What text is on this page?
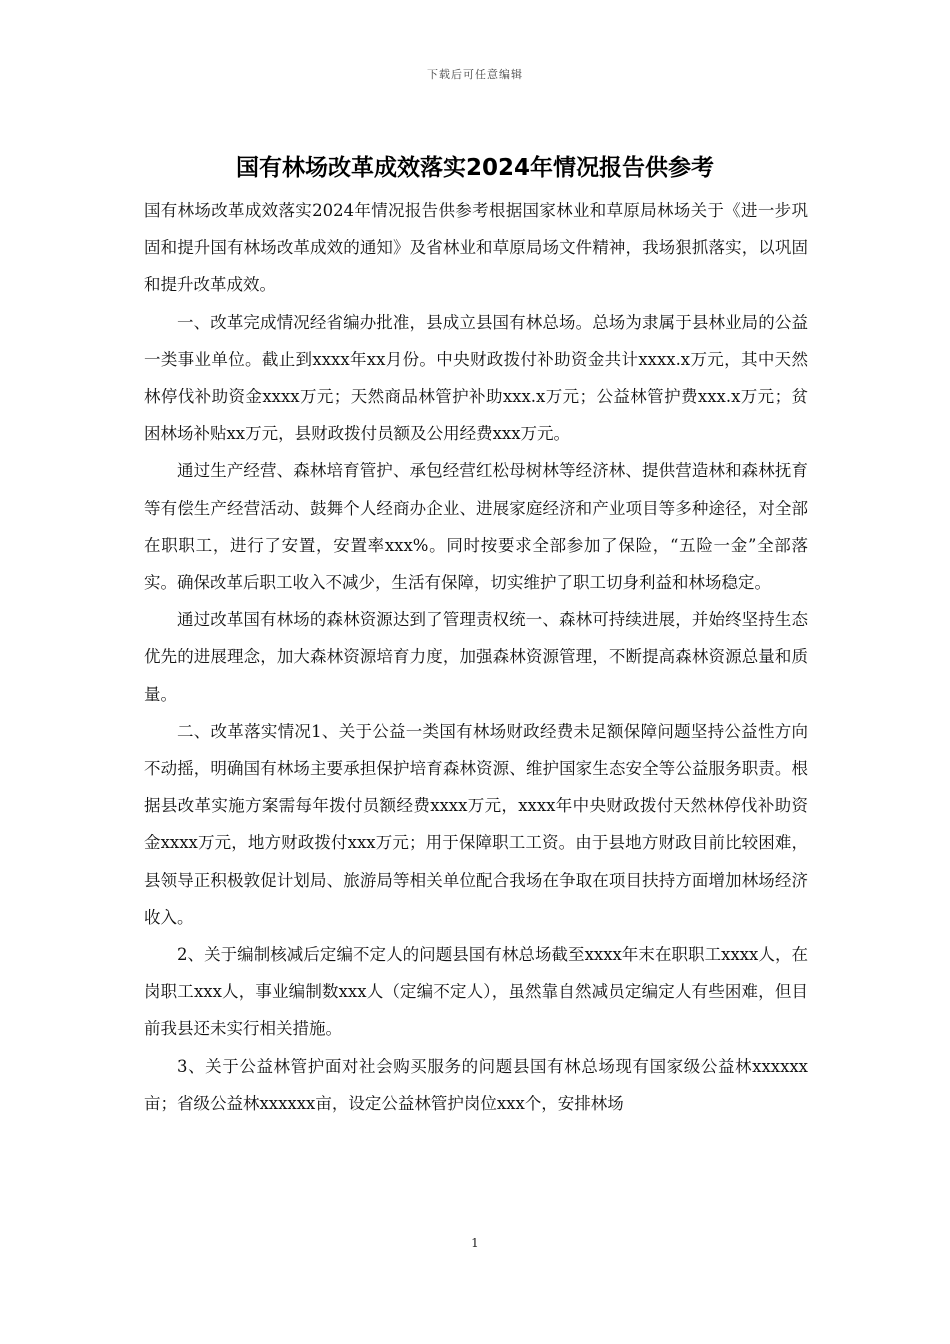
下载后可任意编辑
国有林场改革成效落实2024年情况报告供参考

国有林场改革成效落实2024年情况报告供参考根据国家林业和草原局林场关于《进一步巩固和提升国有林场改革成效的通知》及省林业和草原局场文件精神，我场狠抓落实，以巩固和提升改革成效。

一、改革完成情况经省编办批准，县成立县国有林总场。总场为隶属于县林业局的公益一类事业单位。截止到xxxx年xx月份。中央财政拨付补助资金共计xxxx.x万元，其中天然林停伐补助资金xxxx万元；天然商品林管护补助xxx.x万元；公益林管护费xxx.x万元；贫困林场补贴xx万元，县财政拨付员额及公用经费xxx万元。

通过生产经营、森林培育管护、承包经营红松母树林等经济林、提供营造林和森林抚育等有偿生产经营活动、鼓舞个人经商办企业、进展家庭经济和产业项目等多种途径，对全部在职职工，进行了安置，安置率xxx%。同时按要求全部参加了保险，“五险一金”全部落实。确保改革后职工收入不减少，生活有保障，切实维护了职工切身利益和林场稳定。

通过改革国有林场的森林资源达到了管理责权统一、森林可持续进展，并始终坚持生态优先的进展理念，加大森林资源培育力度，加强森林资源管理，不断提高森林资源总量和质量。

二、改革落实情况1、关于公益一类国有林场财政经费未足额保障问题坚持公益性方向不动摇，明确国有林场主要承担保护培育森林资源、维护国家生态安全等公益服务职责。根据县改革实施方案需每年拨付员额经费xxxx万元，xxxx年中央财政拨付天然林停伐补助资金xxxx万元，地方财政拨付xxx万元；用于保障职工工资。由于县地方财政目前比较困难，县领导正积极敦促计划局、旅游局等相关单位配合我场在争取在项目扶持方面增加林场经济收入。

2、关于编制核减后定编不定人的问题县国有林总场截至xxxx年末在职职工xxxx人，在岗职工xxx人，事业编制数xxx人（定编不定人），虽然靠自然减员定编定人有些困难，但目前我县还未实行相关措施。

3、关于公益林管护面对社会购买服务的问题县国有林总场现有国家级公益林xxxxxx亩；省级公益林xxxxxx亩，设定公益林管护岗位xxx个，安排林场

1
